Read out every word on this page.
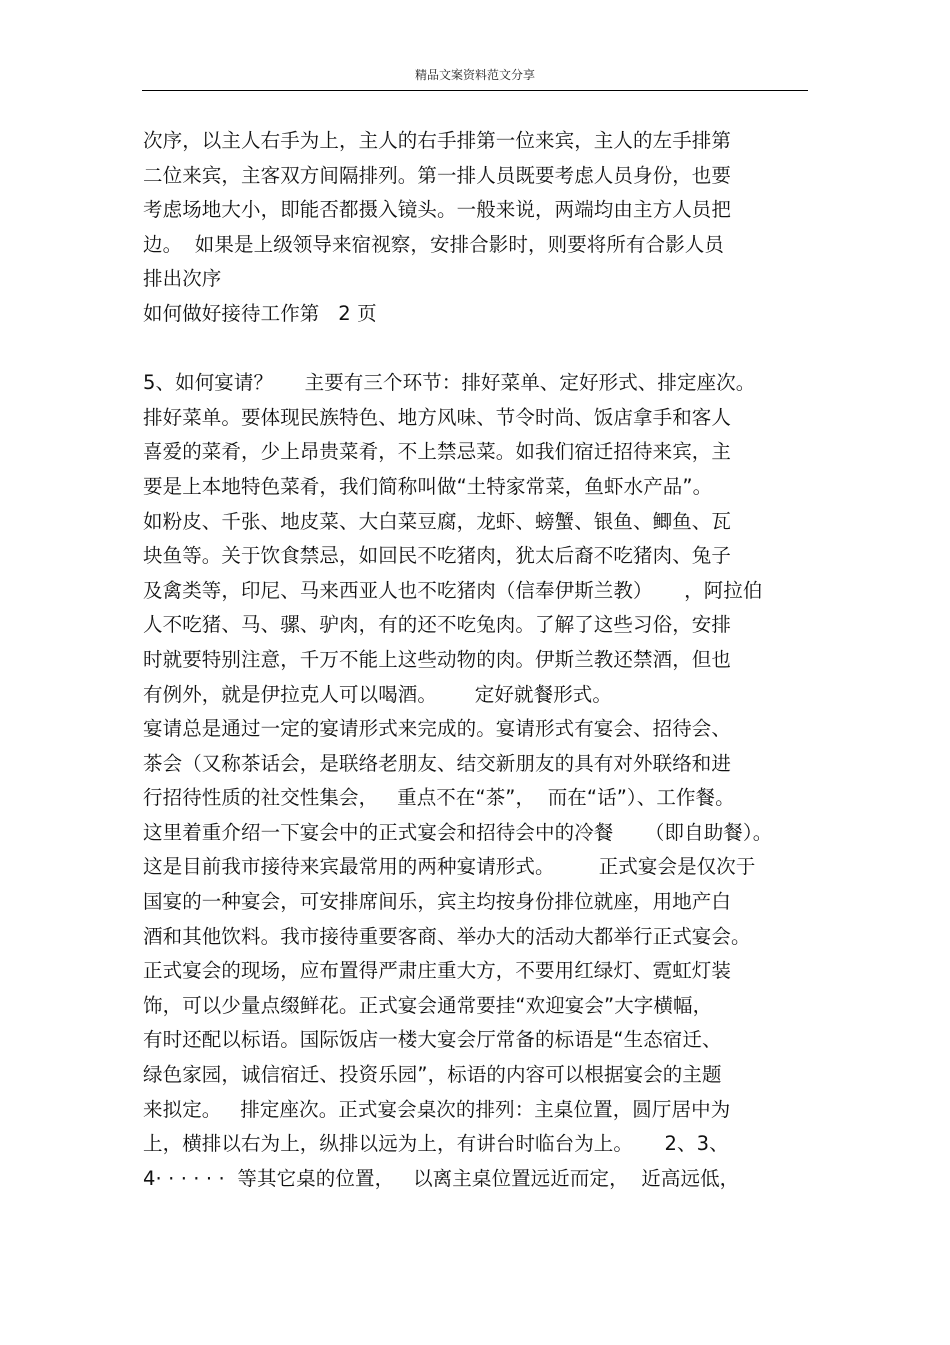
精品文案资料范文分享
次序，以主人右手为上，主人的右手排第一位来宾，主人的左手排第
二位来宾，主客双方间隔排列。第一排人员既要考虑人员身份，也要
考虑场地大小，即能否都摄入镜头。一般来说，两端均由主方人员把
边。  如果是上级领导来宿视察，安排合影时，则要将所有合影人员
排出次序
如何做好接待工作第   2 页
5、如何宴请？     主要有三个环节：排好菜单、定好形式、排定座次。
排好菜单。要体现民族特色、地方风味、节令时尚、饭店拿手和客人
喜爱的菜肴，少上昂贵菜肴，不上禁忌菜。如我们宿迁招待来宾，主
要是上本地特色菜肴，我们简称叫做“土特家常菜，鱼虾水产品”。
如粉皮、千张、地皮菜、大白菜豆腐，龙虾、螃蟹、银鱼、鲫鱼、瓦
块鱼等。关于饮食禁忌，如回民不吃猪肉，犹太后裔不吃猪肉、兔子
及禽类等，印尼、马来西亚人也不吃猪肉（信奉伊斯兰教）     ，阿拉伯
人不吃猪、马、骡、驴肉，有的还不吃兔肉。了解了这些习俗，安排
时就要特别注意，千万不能上这些动物的肉。伊斯兰教还禁酒，但也
有例外，就是伊拉克人可以喝酒。      定好就餐形式。
宴请总是通过一定的宴请形式来完成的。宴请形式有宴会、招待会、
茶会（又称茶话会，是联络老朋友、结交新朋友的具有对外联络和进
行招待性质的社交性集会，   重点不在“茶”，  而在“话”）、工作餐。
这里着重介绍一下宴会中的正式宴会和招待会中的冷餐     （即自助餐）。
这是目前我市接待来宾最常用的两种宴请形式。       正式宴会是仅次于
国宴的一种宴会，可安排席间乐，宾主均按身份排位就座，用地产白
酒和其他饮料。我市接待重要客商、举办大的活动大都举行正式宴会。
正式宴会的现场，应布置得严肃庄重大方，不要用红绿灯、霓虹灯装
饰，可以少量点缀鲜花。正式宴会通常要挂“欢迎宴会”大字横幅，
有时还配以标语。国际饭店一楼大宴会厅常备的标语是“生态宿迁、
绿色家园，诚信宿迁、投资乐园”，标语的内容可以根据宴会的主题
来拟定。   排定座次。正式宴会桌次的排列：主桌位置，圆厅居中为
上，横排以右为上，纵排以远为上，有讲台时临台为上。     2、3、
4· · · · · ·  等其它桌的位置，   以离主桌位置远近而定，  近高远低，
